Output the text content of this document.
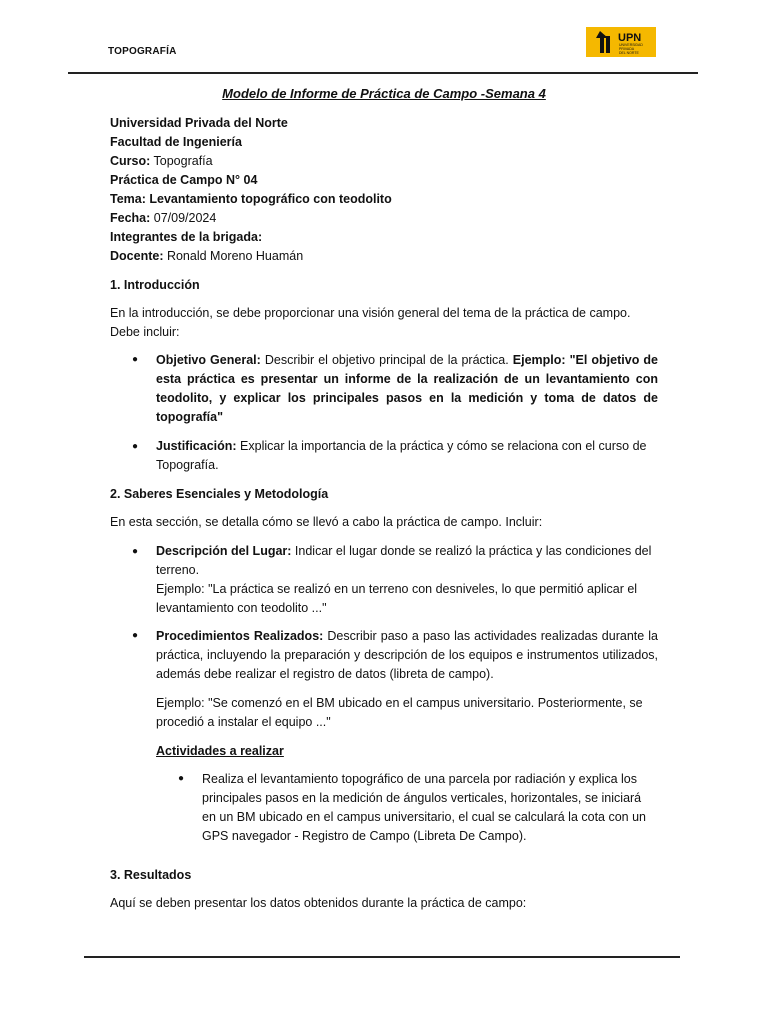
TOPOGRAFÍA
UPN
UNIVERSIDAD
PRIVADA
DEL NORTE
Modelo de Informe de Práctica de Campo -Semana 4
Universidad Privada del Norte
Facultad de Ingeniería
Curso: Topografía
Práctica de Campo N° 04
Tema: Levantamiento topográfico con teodolito
Fecha: 07/09/2024
Integrantes de la brigada:
Docente: Ronald Moreno Huamán
1. Introducción
En la introducción, se debe proporcionar una visión general del tema de la práctica de campo. Debe incluir:
● Objetivo General: Describir el objetivo principal de la práctica. Ejemplo: "El objetivo de esta práctica es presentar un informe de la realización de un levantamiento con teodolito, y explicar los principales pasos en la medición y toma de datos de topografía"
● Justificación: Explicar la importancia de la práctica y cómo se relaciona con el curso de Topografía.
2. Saberes Esenciales y Metodología
En esta sección, se detalla cómo se llevó a cabo la práctica de campo. Incluir:
● Descripción del Lugar: Indicar el lugar donde se realizó la práctica y las condiciones del terreno.
Ejemplo: "La práctica se realizó en un terreno con desniveles, lo que permitió aplicar el levantamiento con teodolito ..."
● Procedimientos Realizados: Describir paso a paso las actividades realizadas durante la práctica, incluyendo la preparación y descripción de los equipos e instrumentos utilizados, además debe realizar el registro de datos (libreta de campo).
Ejemplo: "Se comenzó en el BM ubicado en el campus universitario. Posteriormente, se procedió a instalar el equipo ..."
Actividades a realizar
● Realiza el levantamiento topográfico de una parcela por radiación y explica los principales pasos en la medición de ángulos verticales, horizontales, se iniciará en un BM ubicado en el campus universitario, el cual se calculará la cota con un GPS navegador - Registro de Campo (Libreta De Campo).
3. Resultados
Aquí se deben presentar los datos obtenidos durante la práctica de campo:
